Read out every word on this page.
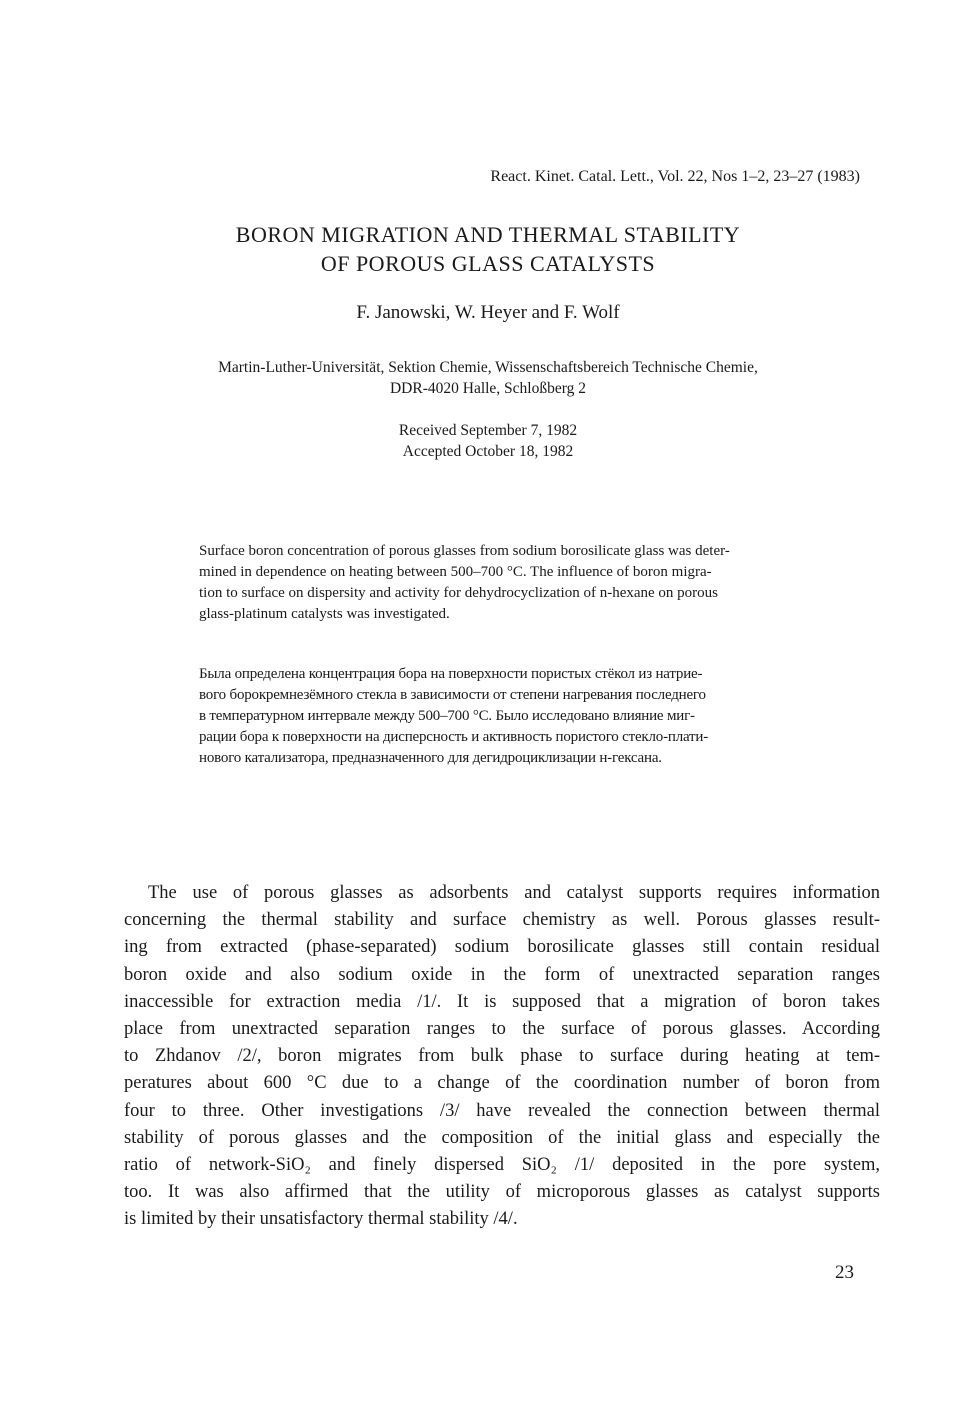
React. Kinet. Catal. Lett., Vol. 22, Nos 1–2, 23–27 (1983)
BORON MIGRATION AND THERMAL STABILITY
OF POROUS GLASS CATALYSTS
F. Janowski, W. Heyer and F. Wolf
Martin-Luther-Universität, Sektion Chemie, Wissenschaftsbereich Technische Chemie,
DDR-4020 Halle, Schloßberg 2
Received September 7, 1982
Accepted October 18, 1982
Surface boron concentration of porous glasses from sodium borosilicate glass was deter-
mined in dependence on heating between 500–700 °C. The influence of boron migra-
tion to surface on dispersity and activity for dehydrocyclization of n-hexane on porous
glass-platinum catalysts was investigated.
Была определена концентрация бора на поверхности пористых стёкол из натрие-
вого борокремнезёмного стекла в зависимости от степени нагревания последнего
в температурном интервале между 500–700 °C. Было исследовано влияние миг-
рации бора к поверхности на дисперсность и активность пористого стекло-плати-
нового катализатора, предназначенного для дегидроциклизации н-гексана.
The use of porous glasses as adsorbents and catalyst supports requires information
concerning the thermal stability and surface chemistry as well. Porous glasses result-
ing from extracted (phase-separated) sodium borosilicate glasses still contain residual
boron oxide and also sodium oxide in the form of unextracted separation ranges
inaccessible for extraction media /1/. It is supposed that a migration of boron takes
place from unextracted separation ranges to the surface of porous glasses. According
to Zhdanov /2/, boron migrates from bulk phase to surface during heating at tem-
peratures about 600 °C due to a change of the coordination number of boron from
four to three. Other investigations /3/ have revealed the connection between thermal
stability of porous glasses and the composition of the initial glass and especially the
ratio of network-SiO₂ and finely dispersed SiO₂ /1/ deposited in the pore system,
too. It was also affirmed that the utility of microporous glasses as catalyst supports
is limited by their unsatisfactory thermal stability /4/.
23
